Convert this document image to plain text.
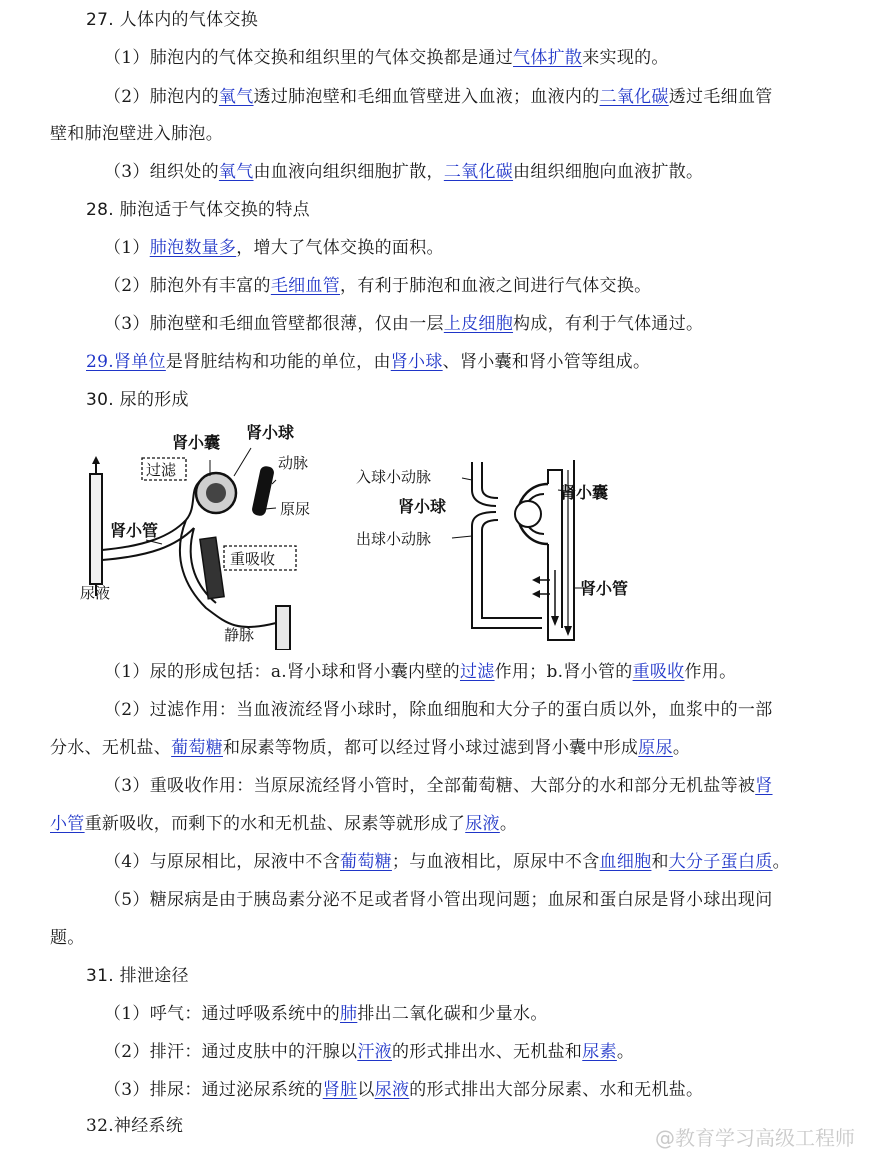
27. 人体内的气体交换
（1）肺泡内的气体交换和组织里的气体交换都是通过气体扩散来实现的。
（2）肺泡内的氧气透过肺泡壁和毛细血管壁进入血液；血液内的二氧化碳透过毛细血管
壁和肺泡壁进入肺泡。
（3）组织处的氧气由血液向组织细胞扩散，二氧化碳由组织细胞向血液扩散。
28. 肺泡适于气体交换的特点
（1）肺泡数量多，增大了气体交换的面积。
（2）肺泡外有丰富的毛细血管，有利于肺泡和血液之间进行气体交换。
（3）肺泡壁和毛细血管壁都很薄，仅由一层上皮细胞构成，有利于气体通过。
29.肾单位是肾脏结构和功能的单位，由肾小球、肾小囊和肾小管等组成。
30. 尿的形成
肾小囊
肾小球
过滤	动脉
原尿
肾小管
重吸收
尿液
静脉
入球小动脉
肾小球
出球小动脉
肾小囊
肾小管
（1）尿的形成包括：a.肾小球和肾小囊内壁的过滤作用；b.肾小管的重吸收作用。
（2）过滤作用：当血液流经肾小球时，除血细胞和大分子的蛋白质以外，血浆中的一部
分水、无机盐、葡萄糖和尿素等物质，都可以经过肾小球过滤到肾小囊中形成原尿。
（3）重吸收作用：当原尿流经肾小管时，全部葡萄糖、大部分的水和部分无机盐等被肾
小管重新吸收，而剩下的水和无机盐、尿素等就形成了尿液。
（4）与原尿相比，尿液中不含葡萄糖；与血液相比，原尿中不含血细胞和大分子蛋白质。
（5）糖尿病是由于胰岛素分泌不足或者肾小管出现问题；血尿和蛋白尿是肾小球出现问
题。
31. 排泄途径
（1）呼气：通过呼吸系统中的肺排出二氧化碳和少量水。
（2）排汗：通过皮肤中的汗腺以汗液的形式排出水、无机盐和尿素。
（3）排尿：通过泌尿系统的肾脏以尿液的形式排出大部分尿素、水和无机盐。
32.神经系统	@教育学习高级工程师
